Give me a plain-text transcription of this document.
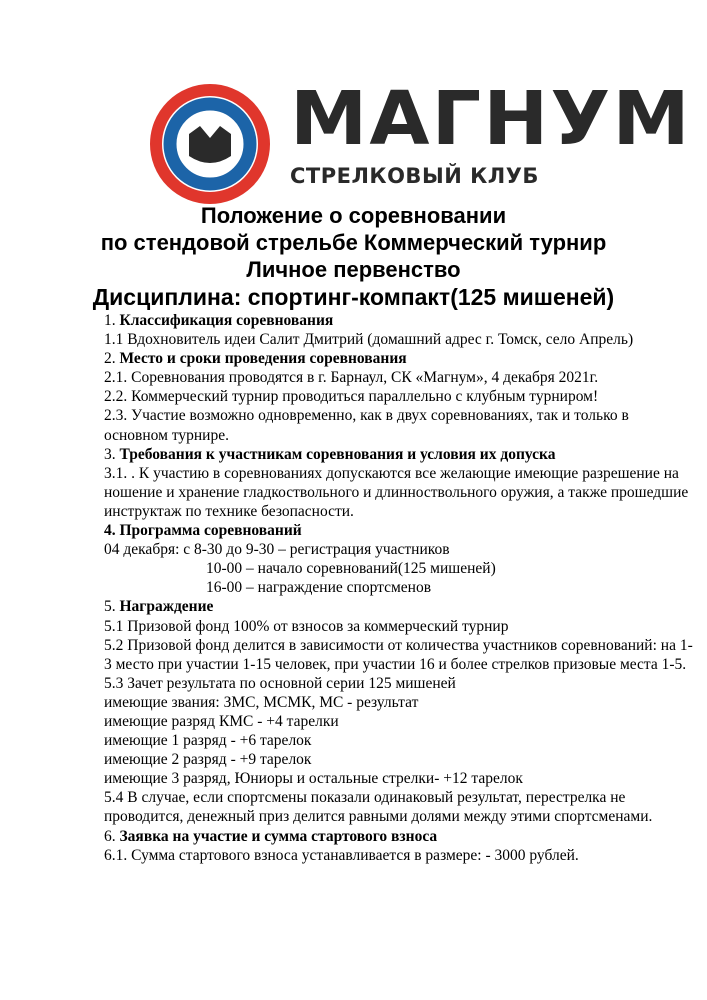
МАГНУМ
СТРЕЛКОВЫЙ КЛУБ
Положение о соревновании
по стендовой стрельбе Коммерческий турнир
Личное первенство
Дисциплина: спортинг-компакт(125 мишеней)

1. Классификация соревнования

1.1 Вдохновитель идеи Салит Дмитрий (домашний адрес г. Томск, село Апрель)

2. Место и сроки проведения соревнования

2.1. Соревнования проводятся в г. Барнаул, СК «Магнум», 4 декабря 2021г.

2.2. Коммерческий турнир проводиться параллельно с клубным турниром!

2.3. Участие возможно одновременно, как в двух соревнованиях, так и только в основном турнире.

3. Требования к участникам соревнования и условия их допуска

3.1. . К участию в соревнованиях допускаются все желающие имеющие разрешение на ношение и хранение гладкоствольного и длинноствольного оружия, а также прошедшие инструктаж по технике безопасности.

4. Программа соревнований

04 декабря: с 8-30 до 9-30 – регистрация участников

10-00 – начало соревнований(125 мишеней)

16-00 – награждение спортсменов

5. Награждение

5.1 Призовой фонд 100% от взносов за коммерческий турнир

5.2 Призовой фонд делится в зависимости от количества участников соревнований: на 1-3 место при участии 1-15 человек, при участии 16 и более стрелков призовые места 1-5.

5.3 Зачет результата по основной серии 125 мишеней

имеющие звания: ЗМС, МСМК, МС - результат

имеющие разряд КМС - +4 тарелки

имеющие 1 разряд - +6 тарелок

имеющие 2 разряд - +9 тарелок

имеющие 3 разряд, Юниоры и остальные стрелки- +12 тарелок

5.4 В случае, если спортсмены показали одинаковый результат, перестрелка не проводится, денежный приз делится равными долями между этими спортсменами.

6. Заявка на участие и сумма стартового взноса

6.1. Сумма стартового взноса устанавливается в размере: - 3000 рублей.
